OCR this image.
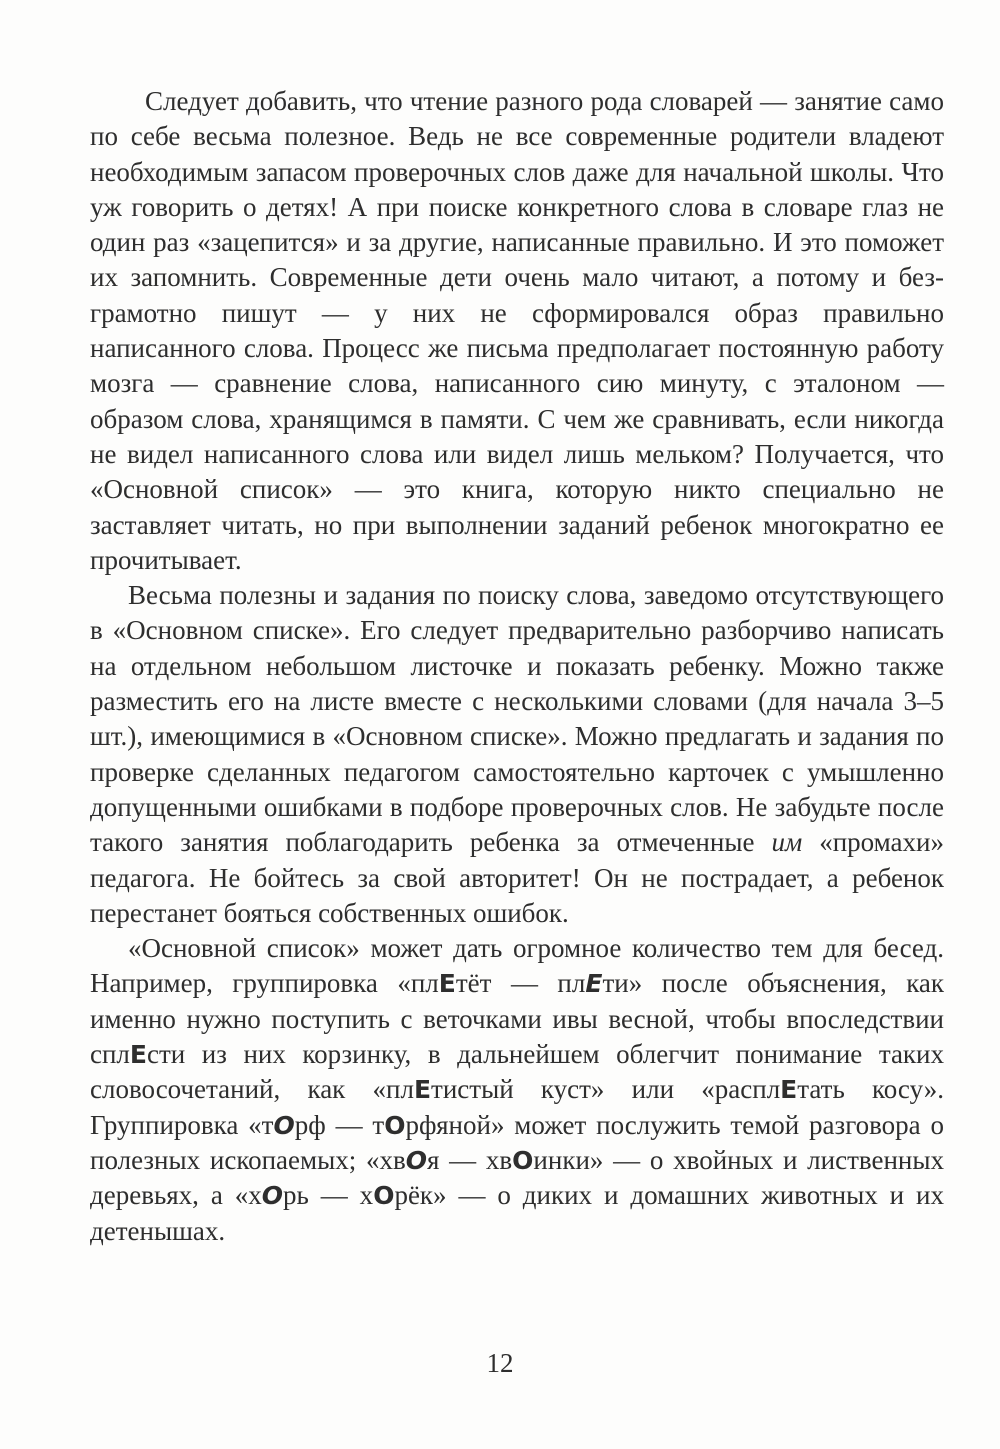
Следует добавить, что чтение разного рода словарей — занятие само по себе весьма полезное. Ведь не все современные родители владеют необходимым запасом проверочных слов даже для начальной школы. Что уж говорить о детях! А при поиске конкретного слова в словаре глаз не один раз «зацепится» и за другие, написанные правильно. И это поможет их запомнить. Современные дети очень мало читают, а потому и безграмотно пишут — у них не сформировался образ правильно написанного слова. Процесс же письма предполагает постоянную работу мозга — сравнение слова, написанного сию минуту, с эталоном — образом слова, хранящимся в памяти. С чем же сравнивать, если никогда не видел написанного слова или видел лишь мельком? Получается, что «Основной список» — это книга, которую никто специально не заставляет читать, но при выполнении заданий ребенок многократно ее прочитывает.

Весьма полезны и задания по поиску слова, заведомо отсутствующего в «Основном списке». Его следует предварительно разборчиво написать на отдельном небольшом листочке и показать ребенку. Можно также разместить его на листе вместе с несколькими словами (для начала 3–5 шт.), имеющимися в «Основном списке». Можно предлагать и задания по проверке сделанных педагогом самостоятельно карточек с умышленно допущенными ошибками в подборе проверочных слов. Не забудьте после такого занятия поблагодарить ребенка за отмеченные им «промахи» педагога. Не бойтесь за свой авторитет! Он не пострадает, а ребенок перестанет бояться собственных ошибок.

«Основной список» может дать огромное количество тем для бесед. Например, группировка «плЕтёт — плЕти» после объяснения, как именно нужно поступить с веточками ивы весной, чтобы впоследствии сплЕсти из них корзинку, в дальнейшем облегчит понимание таких словосочетаний, как «плЕтистый куст» или «расплЕтать косу». Группировка «тОрф — тОрфяной» может послужить темой разговора о полезных ископаемых; «хвОя — хвОинки» — о хвойных и лиственных деревьях, а «хОрь — хОрёк» — о диких и домашних животных и их детенышах.

12
